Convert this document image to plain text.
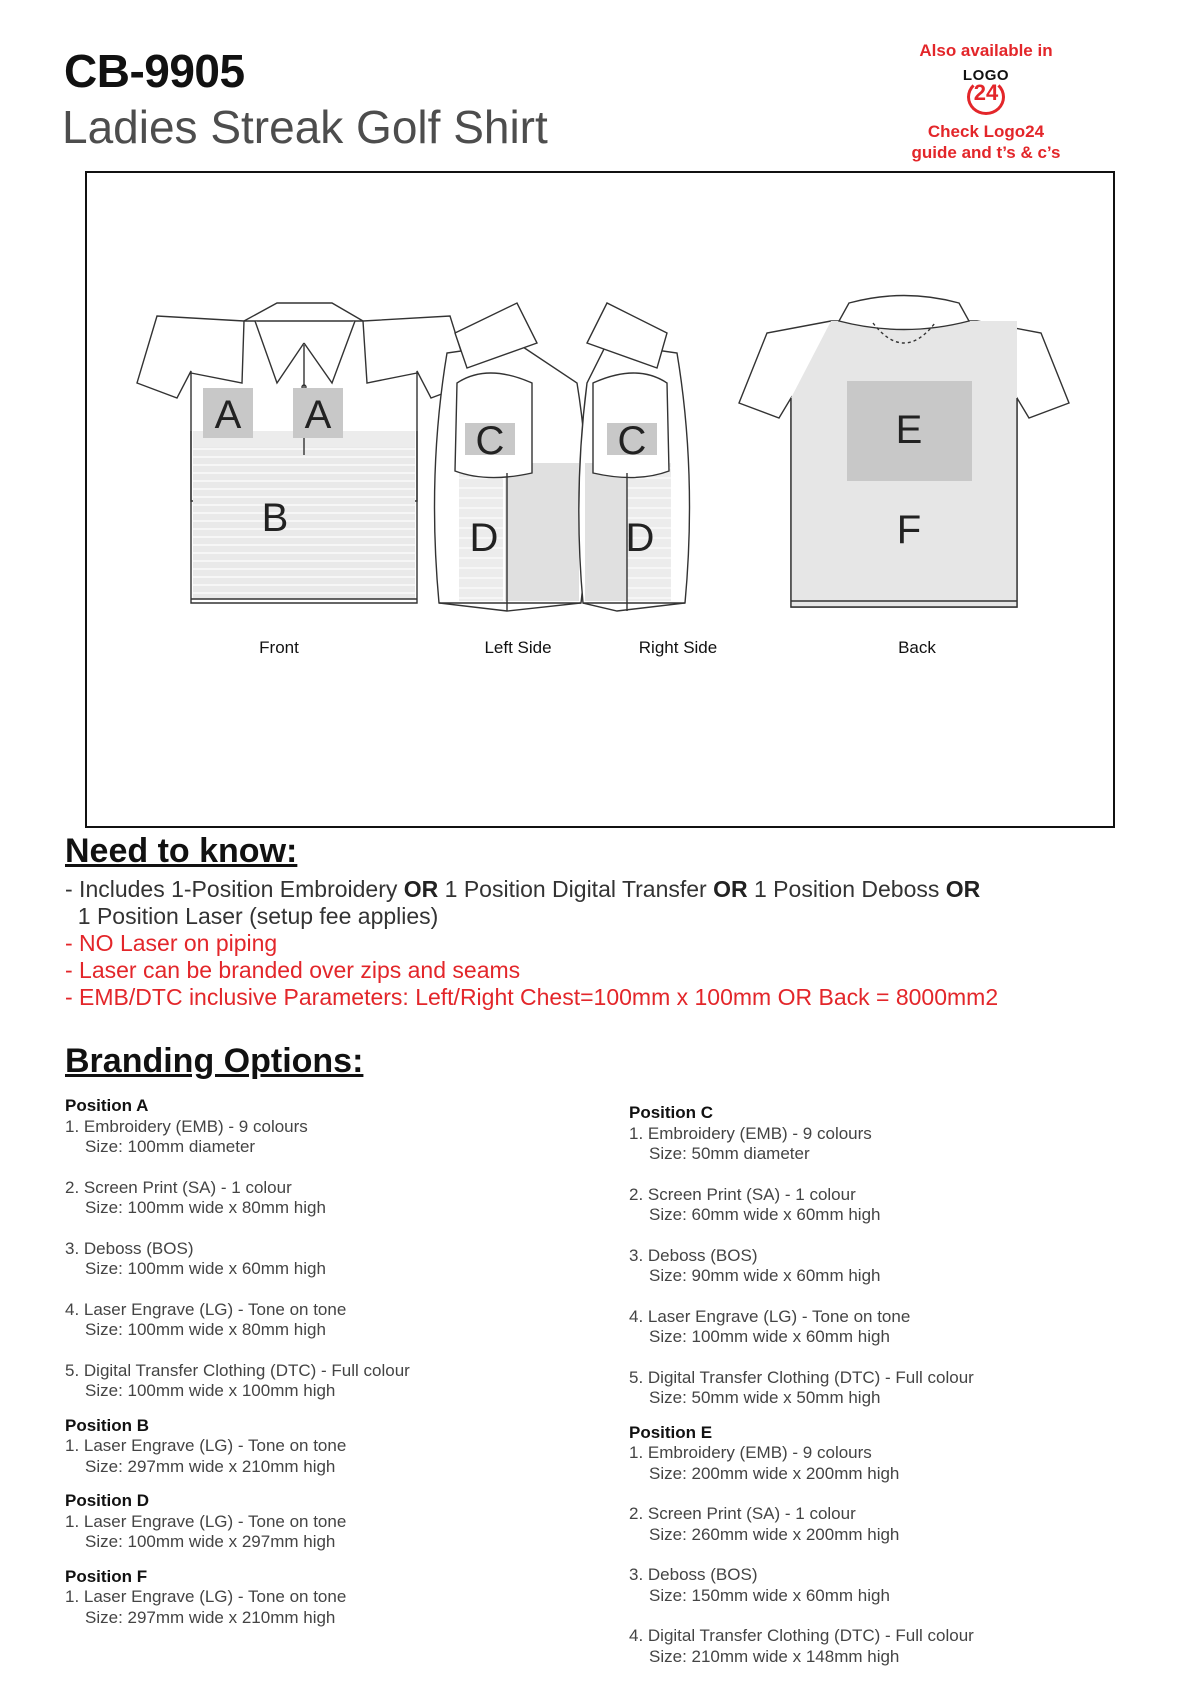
CB-9905
Ladies Streak Golf Shirt
Also available in
LOGO
24
Check Logo24
guide and t’s & c’s
A A
B
C
D
C
D
E
F
Front	Left Side	Right Side	Back
Need to know:
- Includes 1-Position Embroidery OR 1 Position Digital Transfer OR 1 Position Deboss OR
1 Position Laser (setup fee applies)
- NO Laser on piping
- Laser can be branded over zips and seams
- EMB/DTC inclusive Parameters: Left/Right Chest=100mm x 100mm OR Back = 8000mm2
Branding Options:
Position A
1. Embroidery (EMB) - 9 colours
Size: 100mm diameter
2. Screen Print (SA) - 1 colour
Size: 100mm wide x 80mm high
3. Deboss (BOS)
Size: 100mm wide x 60mm high
4. Laser Engrave (LG) - Tone on tone
Size: 100mm wide x 80mm high
5. Digital Transfer Clothing (DTC) - Full colour
Size: 100mm wide x 100mm high
Position B
1. Laser Engrave (LG) - Tone on tone
Size: 297mm wide x 210mm high
Position D
1. Laser Engrave (LG) - Tone on tone
Size: 100mm wide x 297mm high
Position F
1. Laser Engrave (LG) - Tone on tone
Size: 297mm wide x 210mm high
Position C
1. Embroidery (EMB) - 9 colours
Size: 50mm diameter
2. Screen Print (SA) - 1 colour
Size: 60mm wide x 60mm high
3. Deboss (BOS)
Size: 90mm wide x 60mm high
4. Laser Engrave (LG) - Tone on tone
Size: 100mm wide x 60mm high
5. Digital Transfer Clothing (DTC) - Full colour
Size: 50mm wide x 50mm high
Position E
1. Embroidery (EMB) - 9 colours
Size: 200mm wide x 200mm high
2. Screen Print (SA) - 1 colour
Size: 260mm wide x 200mm high
3. Deboss (BOS)
Size: 150mm wide x 60mm high
4. Digital Transfer Clothing (DTC) - Full colour
Size: 210mm wide x 148mm high
